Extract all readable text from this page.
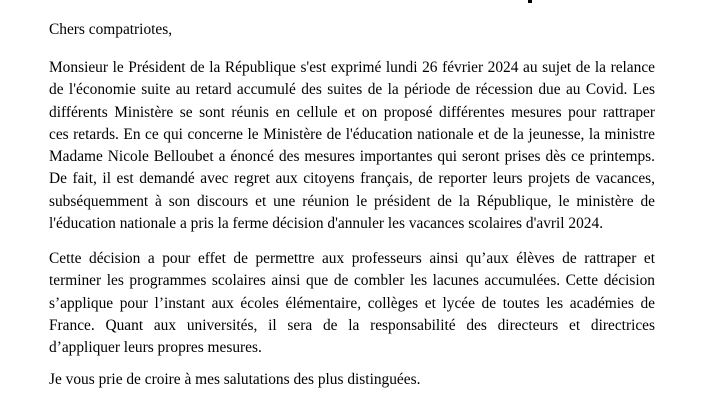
Chers compatriotes,
Monsieur le Président de la République s'est exprimé lundi 26 février 2024 au sujet de la relance
de l'économie suite au retard accumulé des suites de la période de récession due au Covid. Les
différents Ministère se sont réunis en cellule et on proposé différentes mesures pour rattraper
ces retards. En ce qui concerne le Ministère de l'éducation nationale et de la jeunesse, la ministre
Madame Nicole Belloubet a énoncé des mesures importantes qui seront prises dès ce printemps.
De fait, il est demandé avec regret aux citoyens français, de reporter leurs projets de vacances,
subséquemment à son discours et une réunion le président de la République, le ministère de
l'éducation nationale a pris la ferme décision d'annuler les vacances scolaires d'avril 2024.
Cette décision a pour effet de permettre aux professeurs ainsi qu’aux élèves de rattraper et
terminer les programmes scolaires ainsi que de combler les lacunes accumulées. Cette décision
s’applique pour l’instant aux écoles élémentaire, collèges et lycée de toutes les académies de
France. Quant aux universités, il sera de la responsabilité des directeurs et directrices
d’appliquer leurs propres mesures.
Je vous prie de croire à mes salutations des plus distinguées.
